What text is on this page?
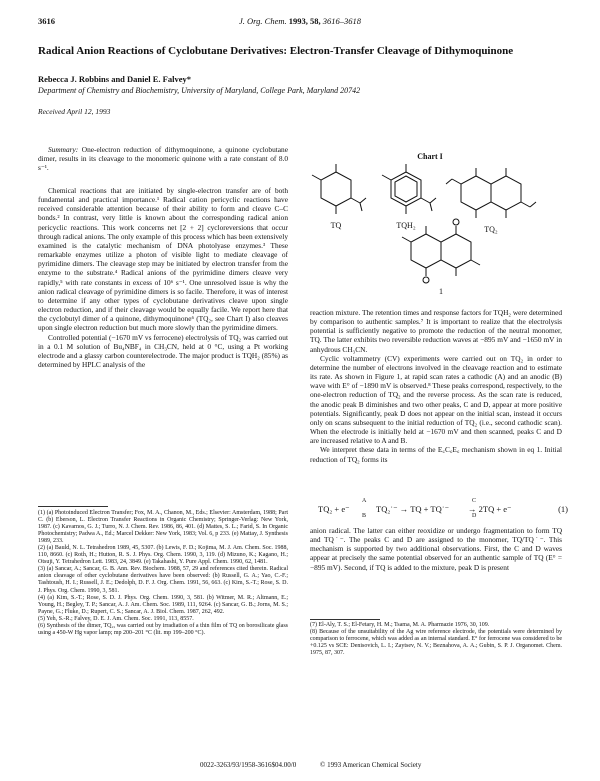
3616	J. Org. Chem. 1993, 58, 3616–3618
Radical Anion Reactions of Cyclobutane Derivatives: Electron-Transfer Cleavage of Dithymoquinone
Rebecca J. Robbins and Daniel E. Falvey*
Department of Chemistry and Biochemistry, University of Maryland, College Park, Maryland 20742
Received April 12, 1993

Summary: One-electron reduction of dithymoquinone, a quinone cyclobutane dimer, results in its cleavage to the monomeric quinone with a rate constant of 8.0 s⁻¹.

Chemical reactions that are initiated by single-electron transfer are of both fundamental and practical importance.¹ Radical cation pericyclic reactions have received considerable attention because of their ability to form and cleave C–C bonds.² In contrast, very little is known about the corresponding radical anion pericyclic reactions. This work concerns net [2 + 2] cycloreversions that occur through radical anions. The only example of this process which has been extensively examined is the catalytic mechanism of DNA photolyase enzymes.³ These remarkable enzymes utilize a photon of visible light to mediate cleavage of pyrimidine dimers. The cleavage step may be initiated by electron transfer from the enzyme to the substrate.⁴ Radical anions of the pyrimidine dimers cleave very rapidly,⁵ with rate constants in excess of 10⁶ s⁻¹. One unresolved issue is why the anion radical cleavage of pyrimidine dimers is so facile. Therefore, it was of interest to determine if any other types of cyclobutane derivatives cleave upon single electron reduction, and if their cleavage would be equally facile. We report here that the cyclobutyl dimer of a quinone, dithymoquinone⁶ (TQ₂, see Chart I) also cleaves upon single electron reduction but much more slowly than the pyrimidine dimers.

Controlled potential (−1670 mV vs ferrocene) electrolysis of TQ₂ was carried out in a 0.1 M solution of Bu₄NBF₄ in CH₃CN, held at 0 °C, using a Pt working electrode and a glassy carbon counterelectrode. The major product is TQH₂ (85%) as determined by HPLC analysis of the

(1) (a) Photoinduced Electron Transfer; Fox, M. A., Chanon, M., Eds.; Elsevier: Amsterdam, 1988; Part C. (b) Eberson, L. Electron Transfer Reactions in Organic Chemistry; Springer-Verlag: New York, 1987. (c) Kavarnos, G. J.; Turro, N. J. Chem. Rev. 1986, 86, 401. (d) Mattes, S. L.; Farid, S. In Organic Photochemistry; Padwa A., Ed.; Marcel Dekker: New York, 1983; Vol. 6, p 233. (e) Mattay, J. Synthesis 1989, 233.

(2) (a) Bauld, N. L. Tetrahedron 1989, 45, 5307. (b) Lewis, F. D.; Kojima, M. J. Am. Chem. Soc. 1988, 110, 8660. (c) Roth, H.; Hutton, R. S. J. Phys. Org. Chem. 1990, 3, 119. (d) Mizuno, K.; Kagano, H.; Otsuji, Y. Tetrahedron Lett. 1983, 24, 3849. (e) Takahashi, Y. Pure Appl. Chem. 1990, 62, 1481.

(3) (a) Sancar, A.; Sancar, G. B. Ann. Rev. Biochem. 1988, 57, 29 and references cited therein. Radical anion cleavage of other cyclobutane derivatives have been observed: (b) Russell, G. A.; Yao, C.-F.; Tashtoush, H. I.; Russell, J. E.; Dedolph, D. F. J. Org. Chem. 1991, 56, 663. (c) Kim, S.-T.; Rose, S. D. J. Phys. Org. Chem. 1990, 3, 581.

(4) (a) Kim, S.-T.; Rose, S. D. J. Phys. Org. Chem. 1990, 3, 581. (b) Witmer, M. R.; Altmann, E.; Young, H.; Begley, T. P.; Sancar, A. J. Am. Chem. Soc. 1989, 111, 9264. (c) Sancar, G. B.; Jorns, M. S.; Payne, G.; Fluke, D.; Rupert, C. S.; Sancar, A. J. Biol. Chem. 1987, 262, 492.

(5) Yeh, S.-R.; Falvey, D. E. J. Am. Chem. Soc. 1991, 113, 8557.

(6) Synthesis of the dimer, TQ₂, was carried out by irradiation of a thin film of TQ on borosilicate glass using a 450-W Hg vapor lamp; mp 200–201 °C (lit. mp 199–200 °C).

Chart I
TQ	TQH₂	TQ₂
1

reaction mixture. The retention times and response factors for TQH₂ were determined by comparison to authentic samples.⁷ It is important to realize that the electrolysis potential is sufficiently negative to promote the reduction of the neutral monomer, TQ. The latter exhibits two reversible reduction waves at −895 mV and −1650 mV in anhydrous CH₃CN.

Cyclic voltammetry (CV) experiments were carried out on TQ₂ in order to determine the number of electrons involved in the cleavage reaction and to estimate its rate. As shown in Figure 1, at rapid scan rates a cathodic (A) and an anodic (B) wave with E° of −1890 mV is observed.⁸ These peaks correspond, respectively, to the one-electron reduction of TQ₂ and the reverse process. As the scan rate is reduced, the anodic peak B diminishes and two other peaks, C and D, appear at more positive potentials. Significantly, peak D does not appear on the initial scan, instead it occurs only on scans subsequent to the initial reduction of TQ₂ (i.e., second cathodic scan). When the electrode is initially held at −1670 mV and then scanned, peaks C and D are increased relative to A and B.

We interpret these data in terms of the E꜀C꜀E꜀ mechanism shown in eq 1. Initial reduction of TQ₂ forms its

TQ₂ + e⁻
A
B
TQ₂˙⁻ → TQ + TQ˙⁻
C
D
→ 2TQ + e⁻	(1)

anion radical. The latter can either reoxidize or undergo fragmentation to form TQ and TQ˙⁻. The peaks C and D are assigned to the monomer, TQ/TQ˙⁻. This mechanism is supported by two additional observations. First, the C and D waves appear at precisely the same potential observed for an authentic sample of TQ (E° = −895 mV). Second, if TQ is added to the mixture, peak D is present

(7) El-Aly, T. S.; El-Fetary, H. M.; Tsama, M. A. Pharmazie 1976, 30, 109.

(8) Because of the unsuitability of the Ag wire reference electrode, the potentials were determined by comparison to ferrocene, which was added as an internal standard. E° for ferrocene was considered to be +0.125 vs SCE: Denisovich, L. I.; Zaytsev, N. V.; Beznahova, A. A.; Gubin, S. P. J. Organomet. Chem. 1975, 87, 307.

0022-3263/93/1958-3616$04.00/0	© 1993 American Chemical Society
